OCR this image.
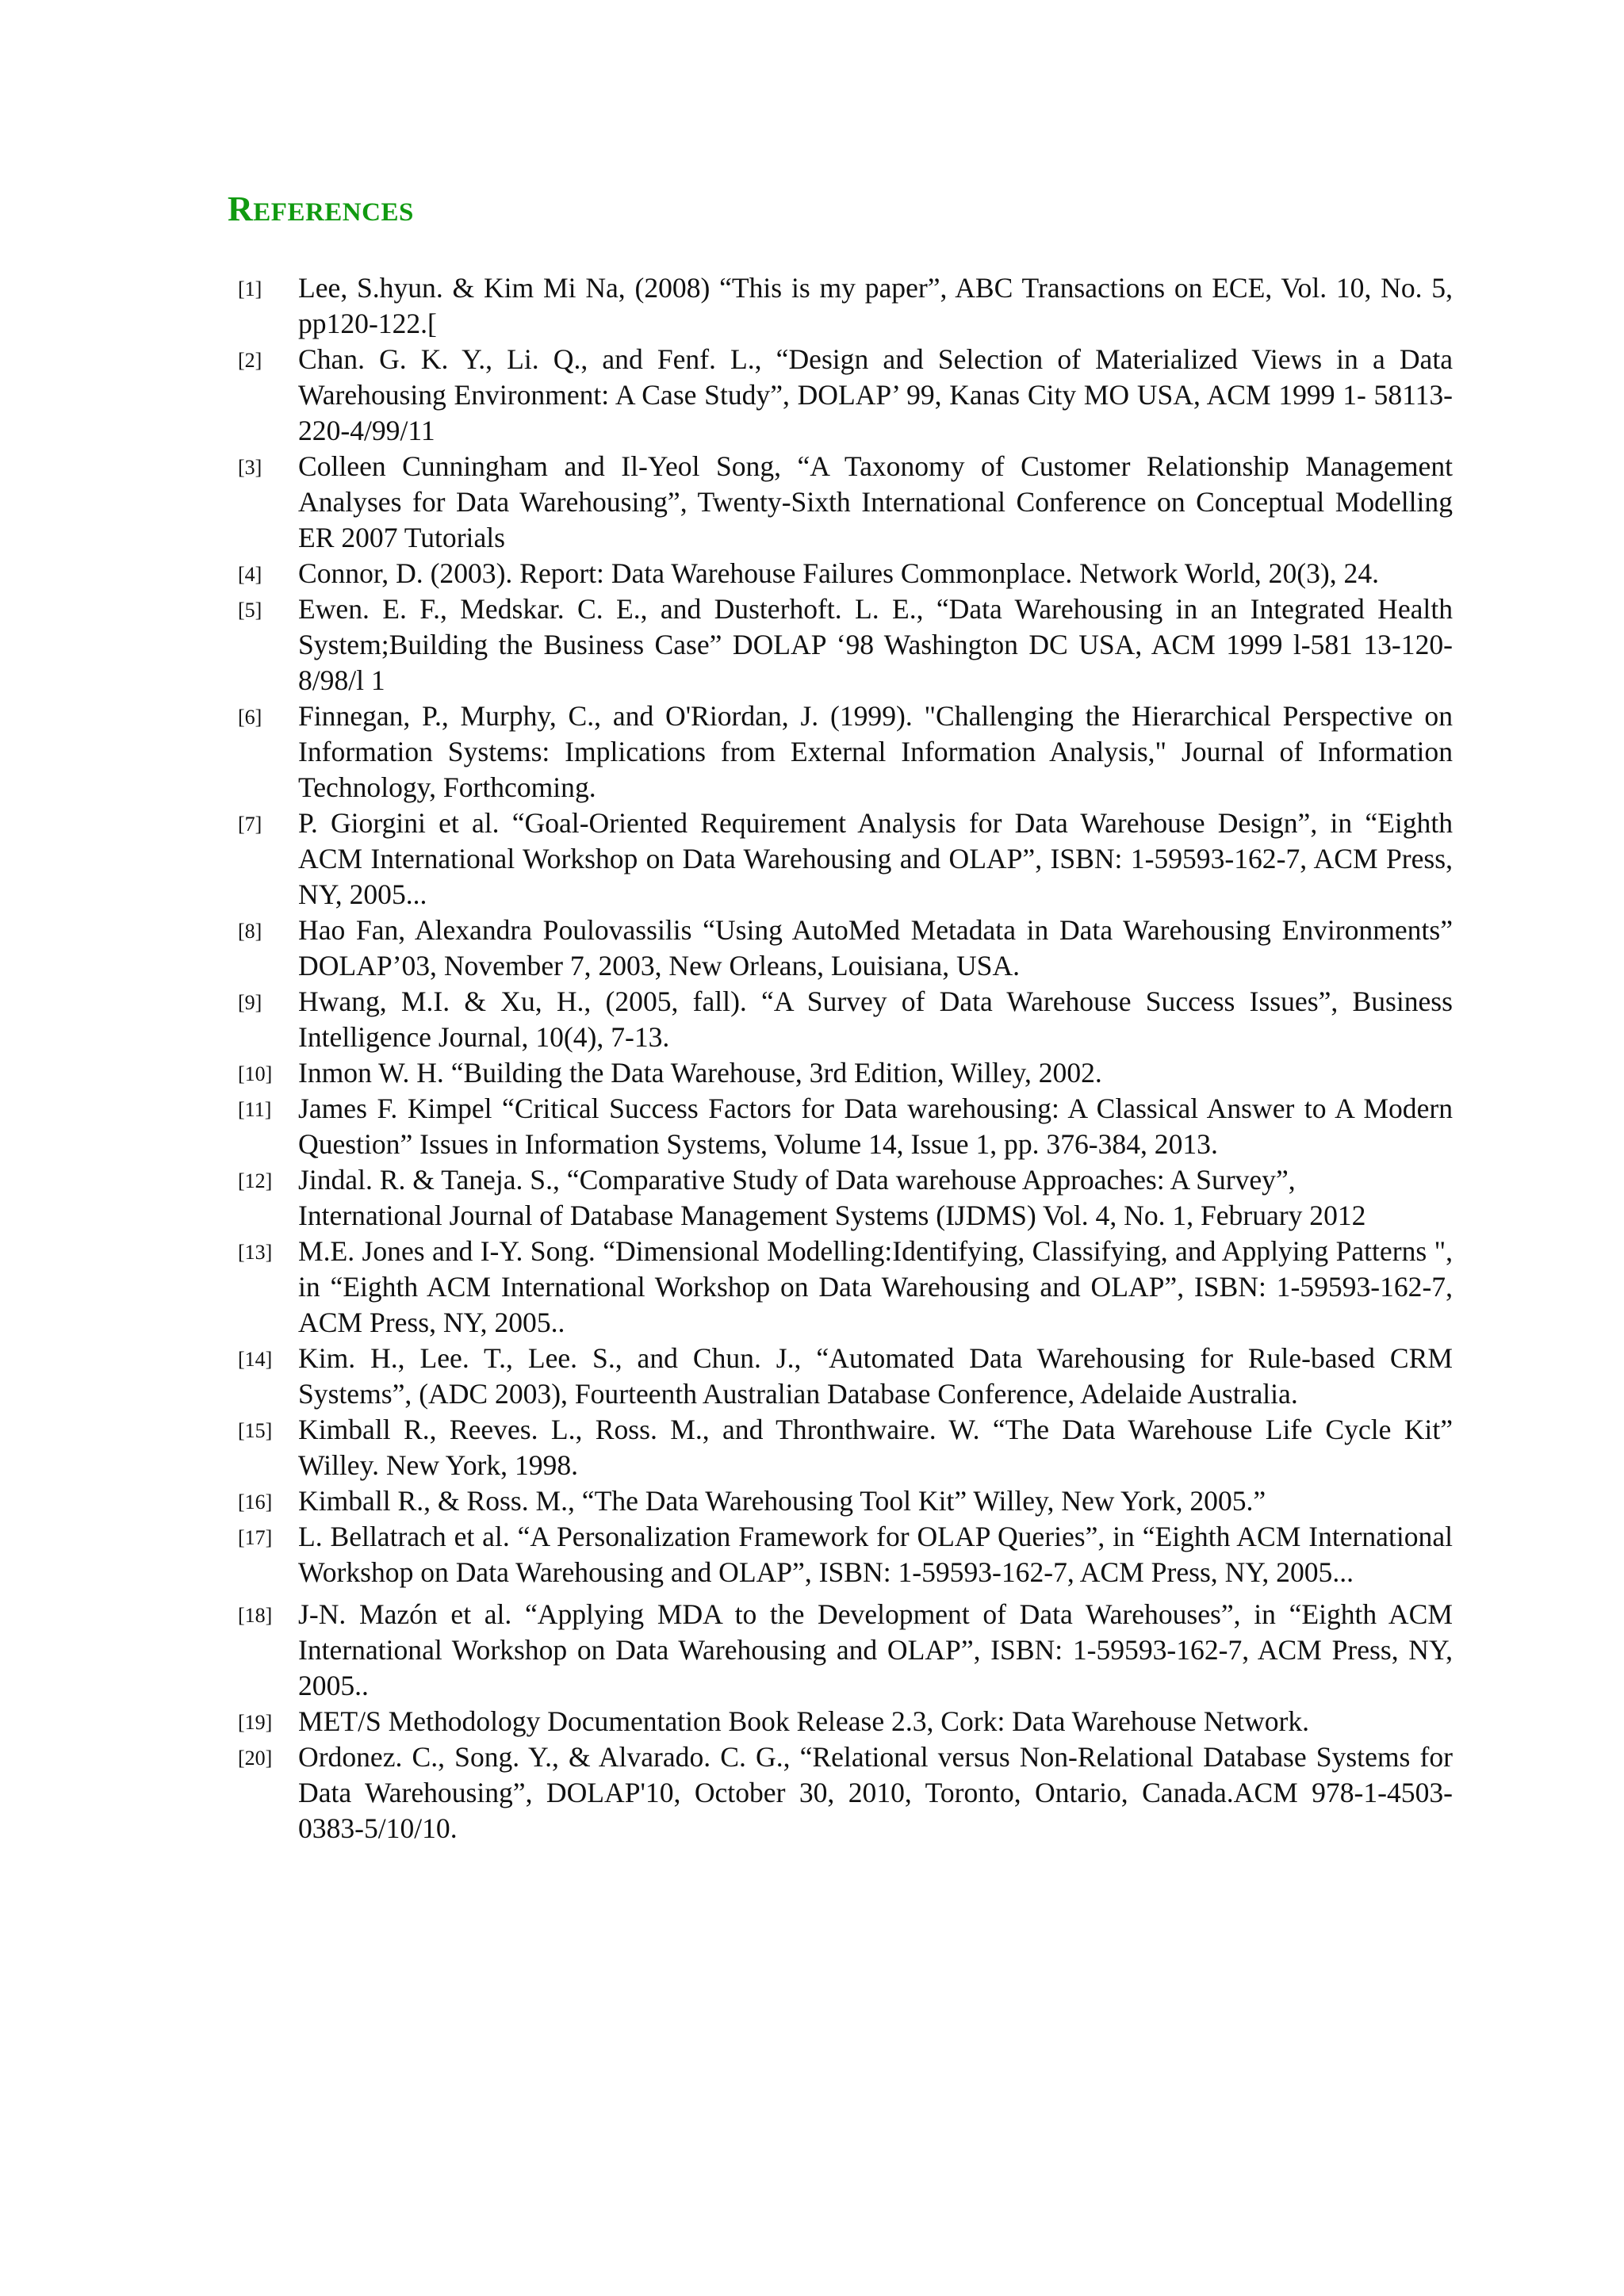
REFERENCES
[1] Lee, S.hyun. & Kim Mi Na, (2008) “This is my paper”, ABC Transactions on ECE, Vol. 10, No. 5, pp120-122.[
[2] Chan. G. K. Y., Li. Q., and Fenf. L., “Design and Selection of Materialized Views in a Data Warehousing Environment: A Case Study”, DOLAP’ 99, Kanas City MO USA, ACM 1999 1- 58113-220-4/99/11
[3] Colleen Cunningham and Il-Yeol Song, “A Taxonomy of Customer Relationship Management Analyses for Data Warehousing”, Twenty-Sixth International Conference on Conceptual Modelling ER 2007 Tutorials
[4] Connor, D. (2003). Report: Data Warehouse Failures Commonplace. Network World, 20(3), 24.
[5] Ewen. E. F., Medskar. C. E., and Dusterhoft. L. E., “Data Warehousing in an Integrated Health System;Building the Business Case” DOLAP ‘98 Washington DC USA, ACM 1999 l-581 13-120- 8/98/l 1
[6] Finnegan, P., Murphy, C., and O'Riordan, J. (1999). "Challenging the Hierarchical Perspective on Information Systems: Implications from External Information Analysis," Journal of Information Technology, Forthcoming.
[7] P. Giorgini et al. “Goal-Oriented Requirement Analysis for Data Warehouse Design”, in “Eighth ACM International Workshop on Data Warehousing and OLAP”, ISBN: 1-59593-162-7, ACM Press, NY, 2005...
[8] Hao Fan, Alexandra Poulovassilis “Using AutoMed Metadata in Data Warehousing Environments” DOLAP’03, November 7, 2003, New Orleans, Louisiana, USA.
[9] Hwang, M.I. & Xu, H., (2005, fall). “A Survey of Data Warehouse Success Issues”, Business Intelligence Journal, 10(4), 7-13.
[10] Inmon W. H. “Building the Data Warehouse, 3rd Edition, Willey, 2002.
[11] James F. Kimpel “Critical Success Factors for Data warehousing: A Classical Answer to A Modern Question” Issues in Information Systems, Volume 14, Issue 1, pp. 376-384, 2013.
[12] Jindal. R. & Taneja. S., “Comparative Study of Data warehouse Approaches: A Survey”,
International Journal of Database Management Systems (IJDMS) Vol. 4, No. 1, February 2012
[13] M.E. Jones and I-Y. Song. “Dimensional Modelling:Identifying, Classifying, and Applying Patterns ", in “Eighth ACM International Workshop on Data Warehousing and OLAP”, ISBN: 1-59593-162-7, ACM Press, NY, 2005..
[14] Kim. H., Lee. T., Lee. S., and Chun. J., “Automated Data Warehousing for Rule-based CRM Systems”, (ADC 2003), Fourteenth Australian Database Conference, Adelaide Australia.
[15] Kimball R., Reeves. L., Ross. M., and Thronthwaire. W. “The Data Warehouse Life Cycle Kit” Willey. New York, 1998.
[16] Kimball R., & Ross. M., “The Data Warehousing Tool Kit” Willey, New York, 2005.”
[17] L. Bellatrach et al. “A Personalization Framework for OLAP Queries”, in “Eighth ACM International Workshop on Data Warehousing and OLAP”, ISBN: 1-59593-162-7, ACM Press, NY, 2005...
[18] J-N. Mazón et al. “Applying MDA to the Development of Data Warehouses”, in “Eighth ACM International Workshop on Data Warehousing and OLAP”, ISBN: 1-59593-162-7, ACM Press, NY, 2005..
[19] MET/S Methodology Documentation Book Release 2.3, Cork: Data Warehouse Network.
[20] Ordonez. C., Song. Y., & Alvarado. C. G., “Relational versus Non-Relational Database Systems for Data Warehousing”, DOLAP'10, October 30, 2010, Toronto, Ontario, Canada.ACM 978-1-4503- 0383-5/10/10.
